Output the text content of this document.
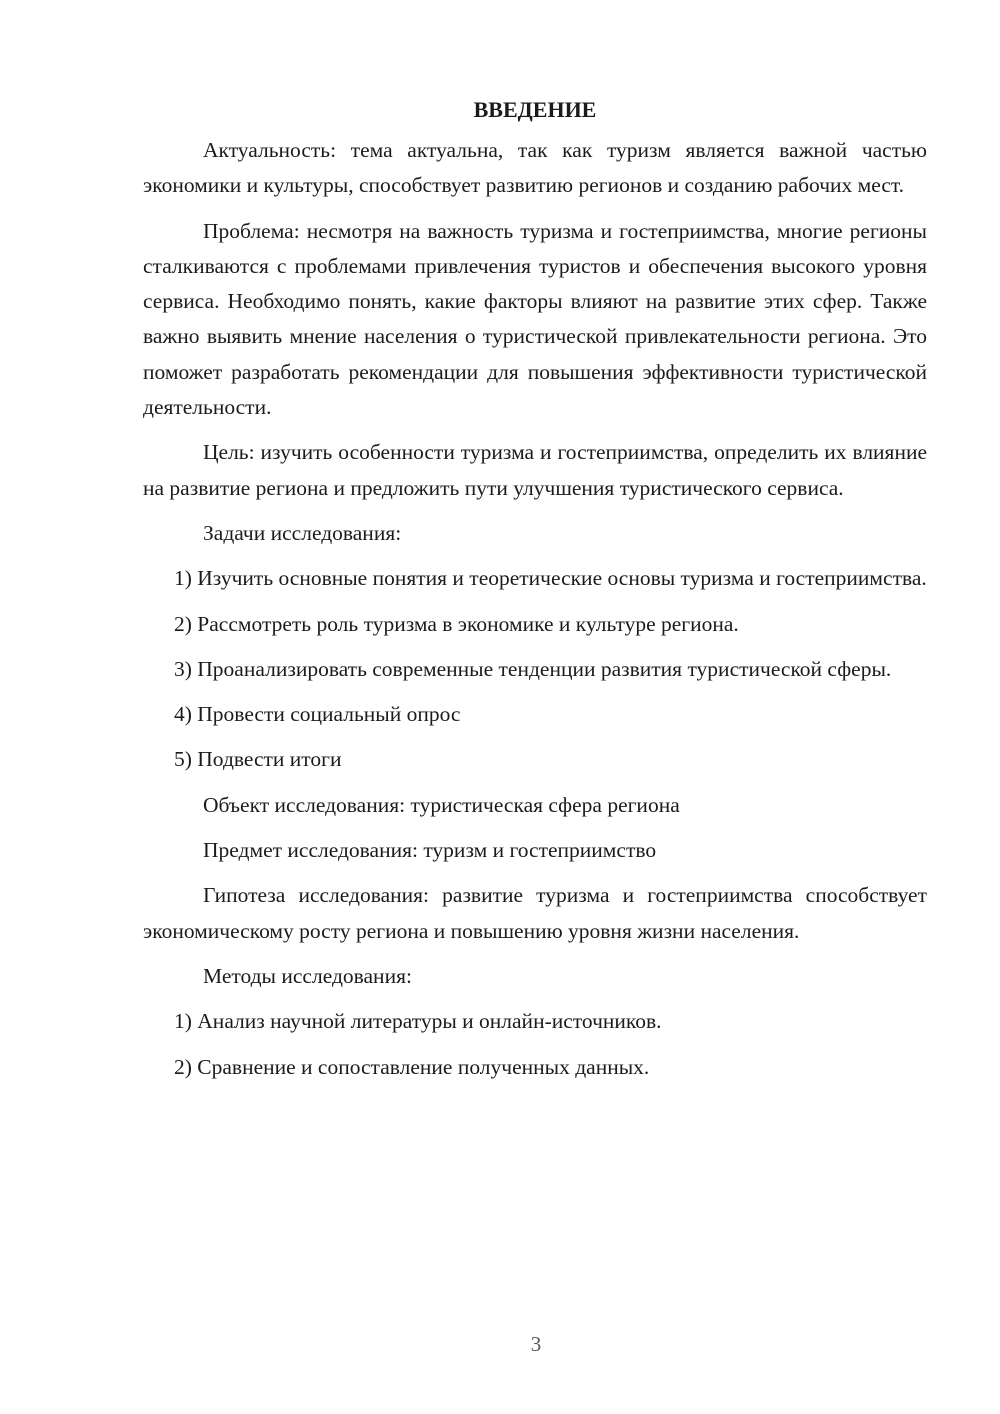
ВВЕДЕНИЕ

Актуальность: тема актуальна, так как туризм является важной частью экономики и культуры, способствует развитию регионов и созданию рабочих мест.

Проблема: несмотря на важность туризма и гостеприимства, многие регионы сталкиваются с проблемами привлечения туристов и обеспечения высокого уровня сервиса. Необходимо понять, какие факторы влияют на развитие этих сфер. Также важно выявить мнение населения о туристической привлекательности региона. Это поможет разработать рекомендации для повышения эффективности туристической деятельности.

Цель: изучить особенности туризма и гостеприимства, определить их влияние на развитие региона и предложить пути улучшения туристического сервиса.

Задачи исследования:

1) Изучить основные понятия и теоретические основы туризма и гостеприимства.

2) Рассмотреть роль туризма в экономике и культуре региона.

3) Проанализировать современные тенденции развития туристической сферы.

4) Провести социальный опрос

5) Подвести итоги

Объект исследования: туристическая сфера региона

Предмет исследования: туризм и гостеприимство

Гипотеза исследования: развитие туризма и гостеприимства способствует экономическому росту региона и повышению уровня жизни населения.

Методы исследования:

1) Анализ научной литературы и онлайн-источников.

2) Сравнение и сопоставление полученных данных.

3
